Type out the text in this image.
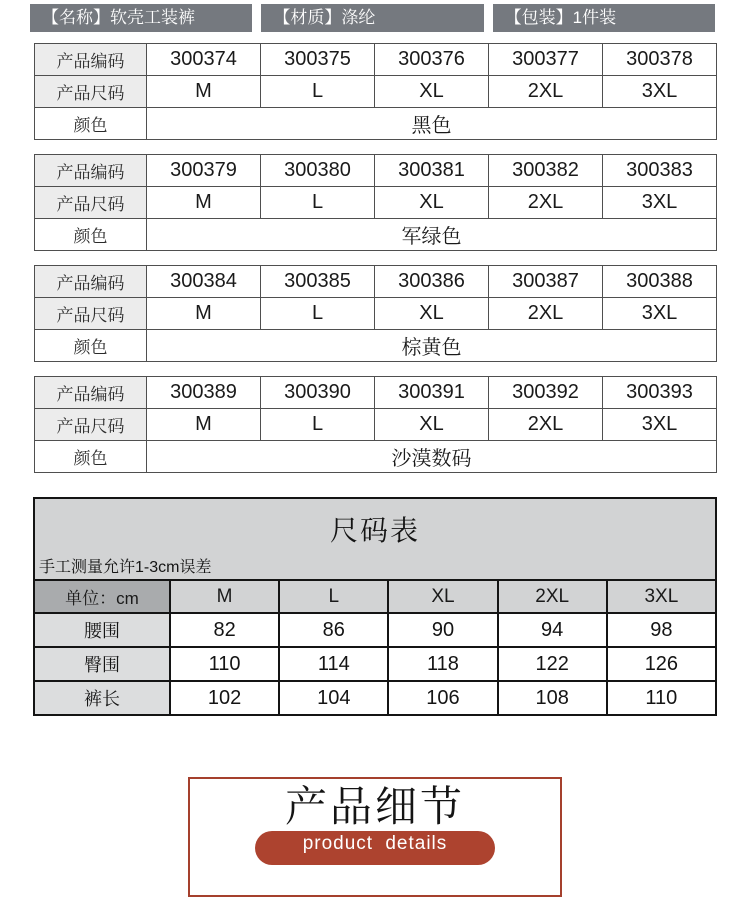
【名称】软壳工装裤	【材质】涤纶	【包装】1件装
产品编码	300374	300375	300376	300377	300378
产品尺码	M	L	XL	2XL	3XL
颜色	黑色				
产品编码	300379	300380	300381	300382	300383
产品尺码	M	L	XL	2XL	3XL
颜色	军绿色				
产品编码	300384	300385	300386	300387	300388
产品尺码	M	L	XL	2XL	3XL
颜色	棕黄色				
产品编码	300389	300390	300391	300392	300393
产品尺码	M	L	XL	2XL	3XL
颜色	沙漠数码				
尺码表
手工测量允许1-3cm误差					

单位：cm	M	L	XL	2XL	3XL
腰围	82	86	90	94	98
臀围	110	114	118	122	126
裤长	102	104	106	108	110
产品细节
product details
